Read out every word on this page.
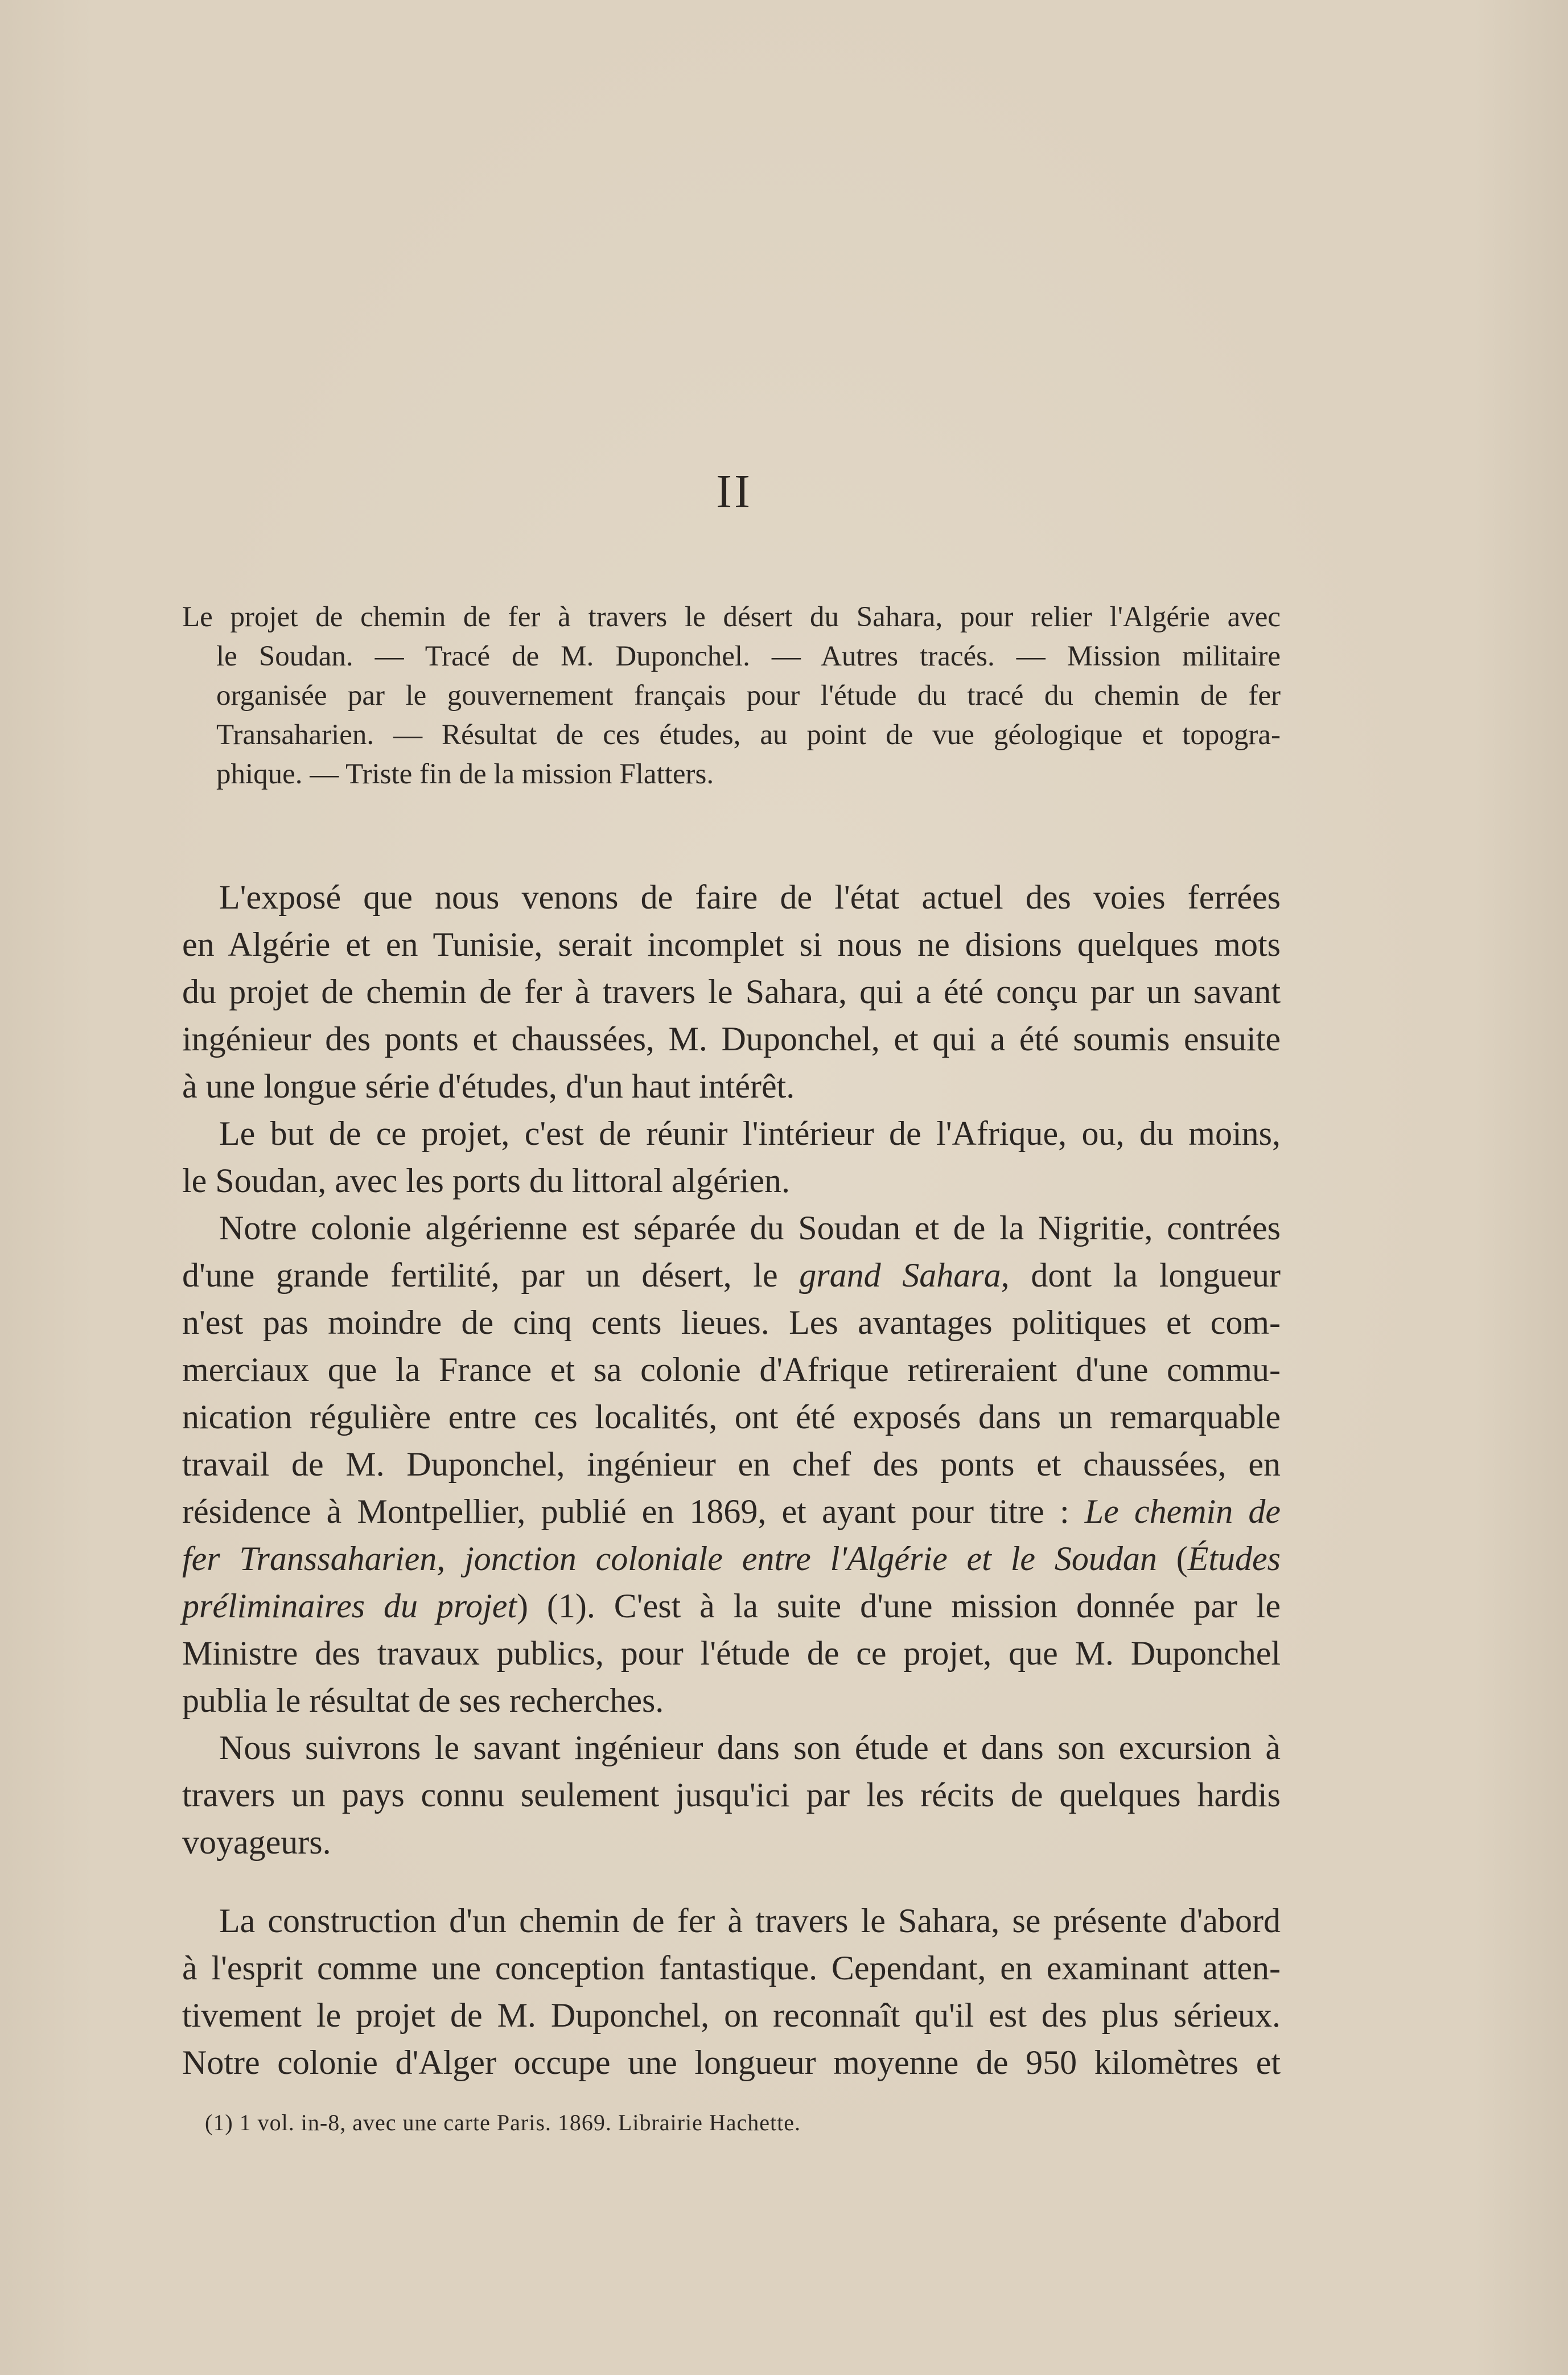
II
Le projet de chemin de fer à travers le désert du Sahara, pour relier l'Algérie avec
le Soudan. — Tracé de M. Duponchel. — Autres tracés. — Mission militaire
organisée par le gouvernement français pour l'étude du tracé du chemin de fer
Transaharien. — Résultat de ces études, au point de vue géologique et topogra-
phique. — Triste fin de la mission Flatters.
L'exposé que nous venons de faire de l'état actuel des voies ferrées
en Algérie et en Tunisie, serait incomplet si nous ne disions quelques mots
du projet de chemin de fer à travers le Sahara, qui a été conçu par un savant
ingénieur des ponts et chaussées, M. Duponchel, et qui a été soumis ensuite
à une longue série d'études, d'un haut intérêt.
Le but de ce projet, c'est de réunir l'intérieur de l'Afrique, ou, du moins,
le Soudan, avec les ports du littoral algérien.
Notre colonie algérienne est séparée du Soudan et de la Nigritie, contrées
d'une grande fertilité, par un désert, le grand Sahara, dont la longueur
n'est pas moindre de cinq cents lieues. Les avantages politiques et com-
merciaux que la France et sa colonie d'Afrique retireraient d'une commu-
nication régulière entre ces localités, ont été exposés dans un remarquable
travail de M. Duponchel, ingénieur en chef des ponts et chaussées, en
résidence à Montpellier, publié en 1869, et ayant pour titre : Le chemin de
fer Transsaharien, jonction coloniale entre l'Algérie et le Soudan (Études
préliminaires du projet) (1). C'est à la suite d'une mission donnée par le
Ministre des travaux publics, pour l'étude de ce projet, que M. Duponchel
publia le résultat de ses recherches.
Nous suivrons le savant ingénieur dans son étude et dans son excursion à
travers un pays connu seulement jusqu'ici par les récits de quelques hardis
voyageurs.
La construction d'un chemin de fer à travers le Sahara, se présente d'abord
à l'esprit comme une conception fantastique. Cependant, en examinant atten-
tivement le projet de M. Duponchel, on reconnaît qu'il est des plus sérieux.
Notre colonie d'Alger occupe une longueur moyenne de 950 kilomètres et
(1) 1 vol. in-8, avec une carte Paris. 1869. Librairie Hachette.
